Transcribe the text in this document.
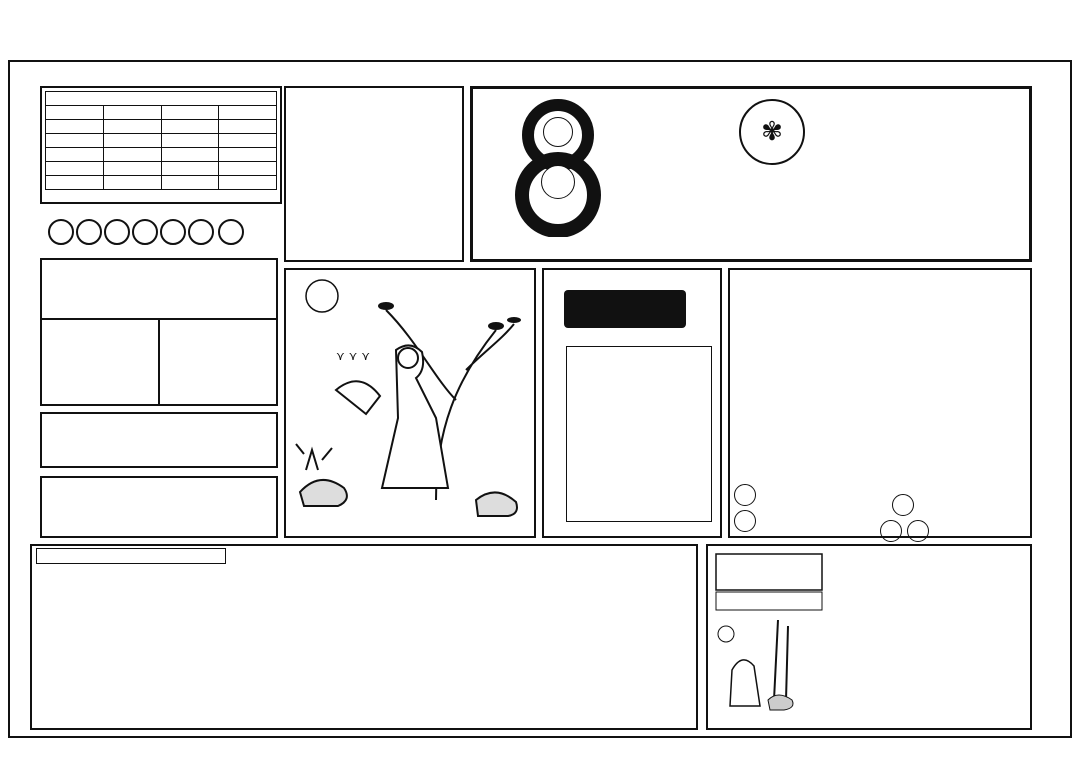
✾
⋎ ⋎ ⋎
